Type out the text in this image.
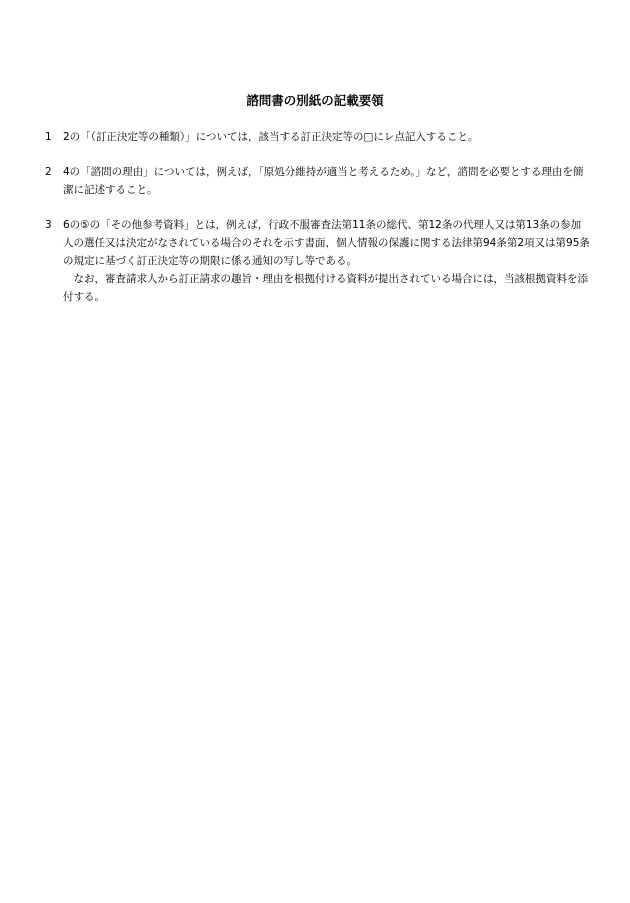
諮問書の別紙の記載要領
1	2の「（訂正決定等の種類）」については，該当する訂正決定等の□にレ点記入すること。

2	4の「諮問の理由」については，例えば，「原処分維持が適当と考えるため。」など，諮問を必要とする理由を簡潔に記述すること。

3	6の⑤の「その他参考資料」とは，例えば，行政不服審査法第11条の総代、第12条の代理人又は第13条の参加人の選任又は決定がなされている場合のそれを示す書面，個人情報の保護に関する法律第94条第2項又は第95条の規定に基づく訂正決定等の期限に係る通知の写し等である。

なお，審査請求人から訂正請求の趣旨・理由を根拠付ける資料が提出されている場合には，当該根拠資料を添付する。
